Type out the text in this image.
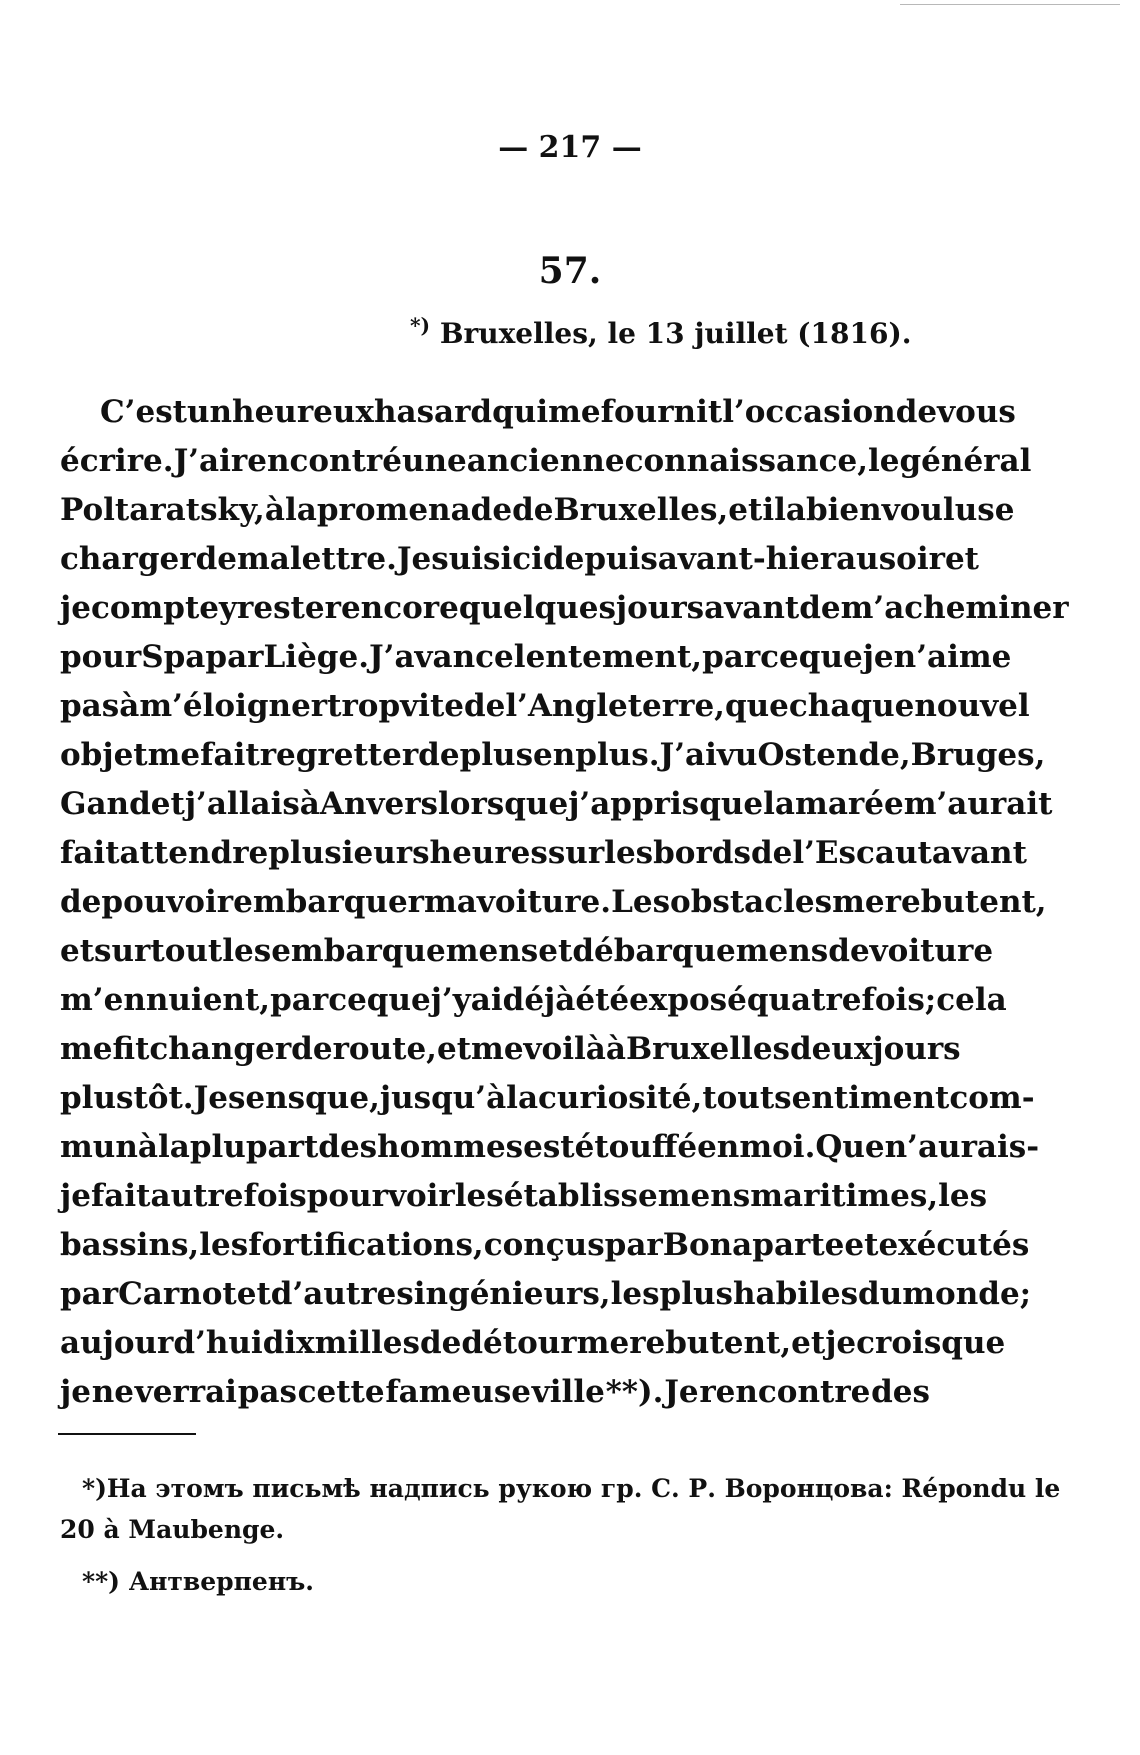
— 217 —
57.
*) Bruxelles, le 13 juillet (1816).
C’est un heureux hasard qui me fournit l’occasion de vous
écrire. J’ai rencontré une ancienne connaissance, le général
Poltaratsky, à la promenade de Bruxelles, et il a bien voulu se
charger de ma lettre. Je suis ici depuis avant-hier au soir et
je compte y rester encore quelques jours avant de m’acheminer
pour Spa par Liège. J’avance lentement, parce que je n’aime
pas à m’éloigner trop vite de l’Angleterre, que chaque nouvel
objet me fait regretter de plus en plus. J’ai vu Ostende, Bruges,
Gand et j’allais à Anvers lorsque j’appris que la marée m’aurait
fait attendre plusieurs heures sur les bords de l’Escaut avant
de pouvoir embarquer ma voiture. Les obstacles me rebutent,
et surtout les embarquemens et débarquemens de voiture
m’ennuient, parce que j’y ai déjà été exposé quatre fois; cela
me fit changer de route, et me voilà à Bruxelles deux jours
plus tôt. Je sens que, jusqu’à la curiosité, tout sentiment com-
mun à la plupart des hommes est étouffé en moi. Que n’aurais-
je fait autrefois pour voir les établissemens maritimes, les
bassins, les fortifications, conçus par Bonaparte et exécutés
par Carnot et d’autres ingénieurs, les plus habiles du monde;
aujourd’hui dix milles de détour me rebutent, et je crois que
je ne verrai pas cette fameuse ville **). Je rencontre des
*) На этомъ письмѣ надпись рукою гр. С. Р. Воронцова: Répondu le
20 à Maubenge.
**) Антверпенъ.
